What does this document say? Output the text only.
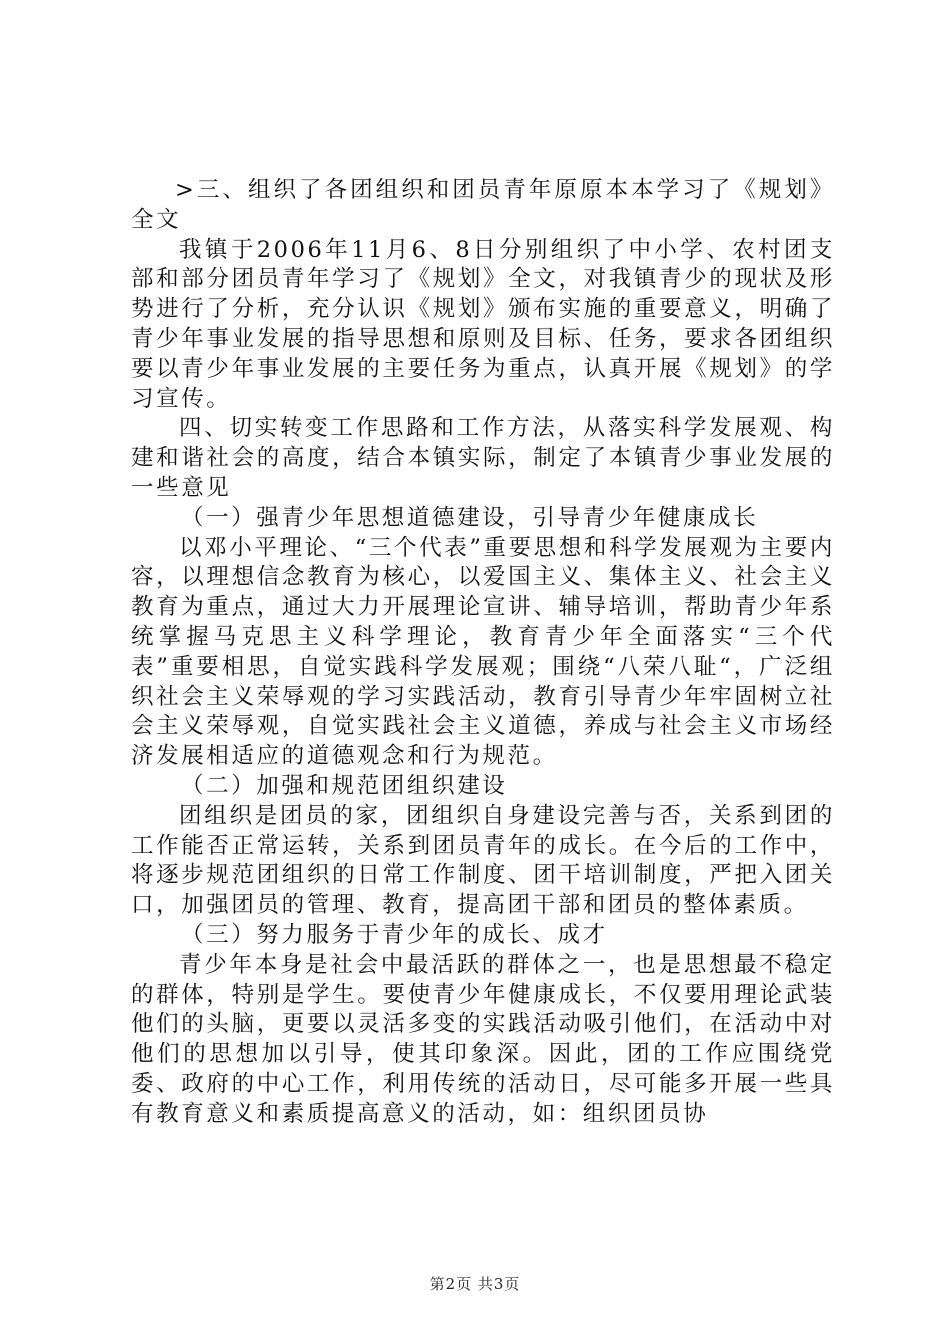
>三、组织了各团组织和团员青年原原本本学习了《规划》全文

我镇于2006年11月6、8日分别组织了中小学、农村团支部和部分团员青年学习了《规划》全文，对我镇青少的现状及形势进行了分析，充分认识《规划》颁布实施的重要意义，明确了青少年事业发展的指导思想和原则及目标、任务，要求各团组织要以青少年事业发展的主要任务为重点，认真开展《规划》的学习宣传。

四、切实转变工作思路和工作方法，从落实科学发展观、构建和谐社会的高度，结合本镇实际，制定了本镇青少事业发展的一些意见

（一）强青少年思想道德建设，引导青少年健康成长

以邓小平理论、“三个代表”重要思想和科学发展观为主要内容，以理想信念教育为核心，以爱国主义、集体主义、社会主义教育为重点，通过大力开展理论宣讲、辅导培训，帮助青少年系统掌握马克思主义科学理论，教育青少年全面落实“三个代表”重要相思，自觉实践科学发展观；围绕“八荣八耻“，广泛组织社会主义荣辱观的学习实践活动，教育引导青少年牢固树立社会主义荣辱观，自觉实践社会主义道德，养成与社会主义市场经济发展相适应的道德观念和行为规范。

（二）加强和规范团组织建设

团组织是团员的家，团组织自身建设完善与否，关系到团的工作能否正常运转，关系到团员青年的成长。在今后的工作中，将逐步规范团组织的日常工作制度、团干培训制度，严把入团关口，加强团员的管理、教育，提高团干部和团员的整体素质。

（三）努力服务于青少年的成长、成才

青少年本身是社会中最活跃的群体之一，也是思想最不稳定的群体，特别是学生。要使青少年健康成长，不仅要用理论武装他们的头脑，更要以灵活多变的实践活动吸引他们，在活动中对他们的思想加以引导，使其印象深。因此，团的工作应围绕党委、政府的中心工作，利用传统的活动日，尽可能多开展一些具有教育意义和素质提高意义的活动，如：组织团员协

第2页 共3页
